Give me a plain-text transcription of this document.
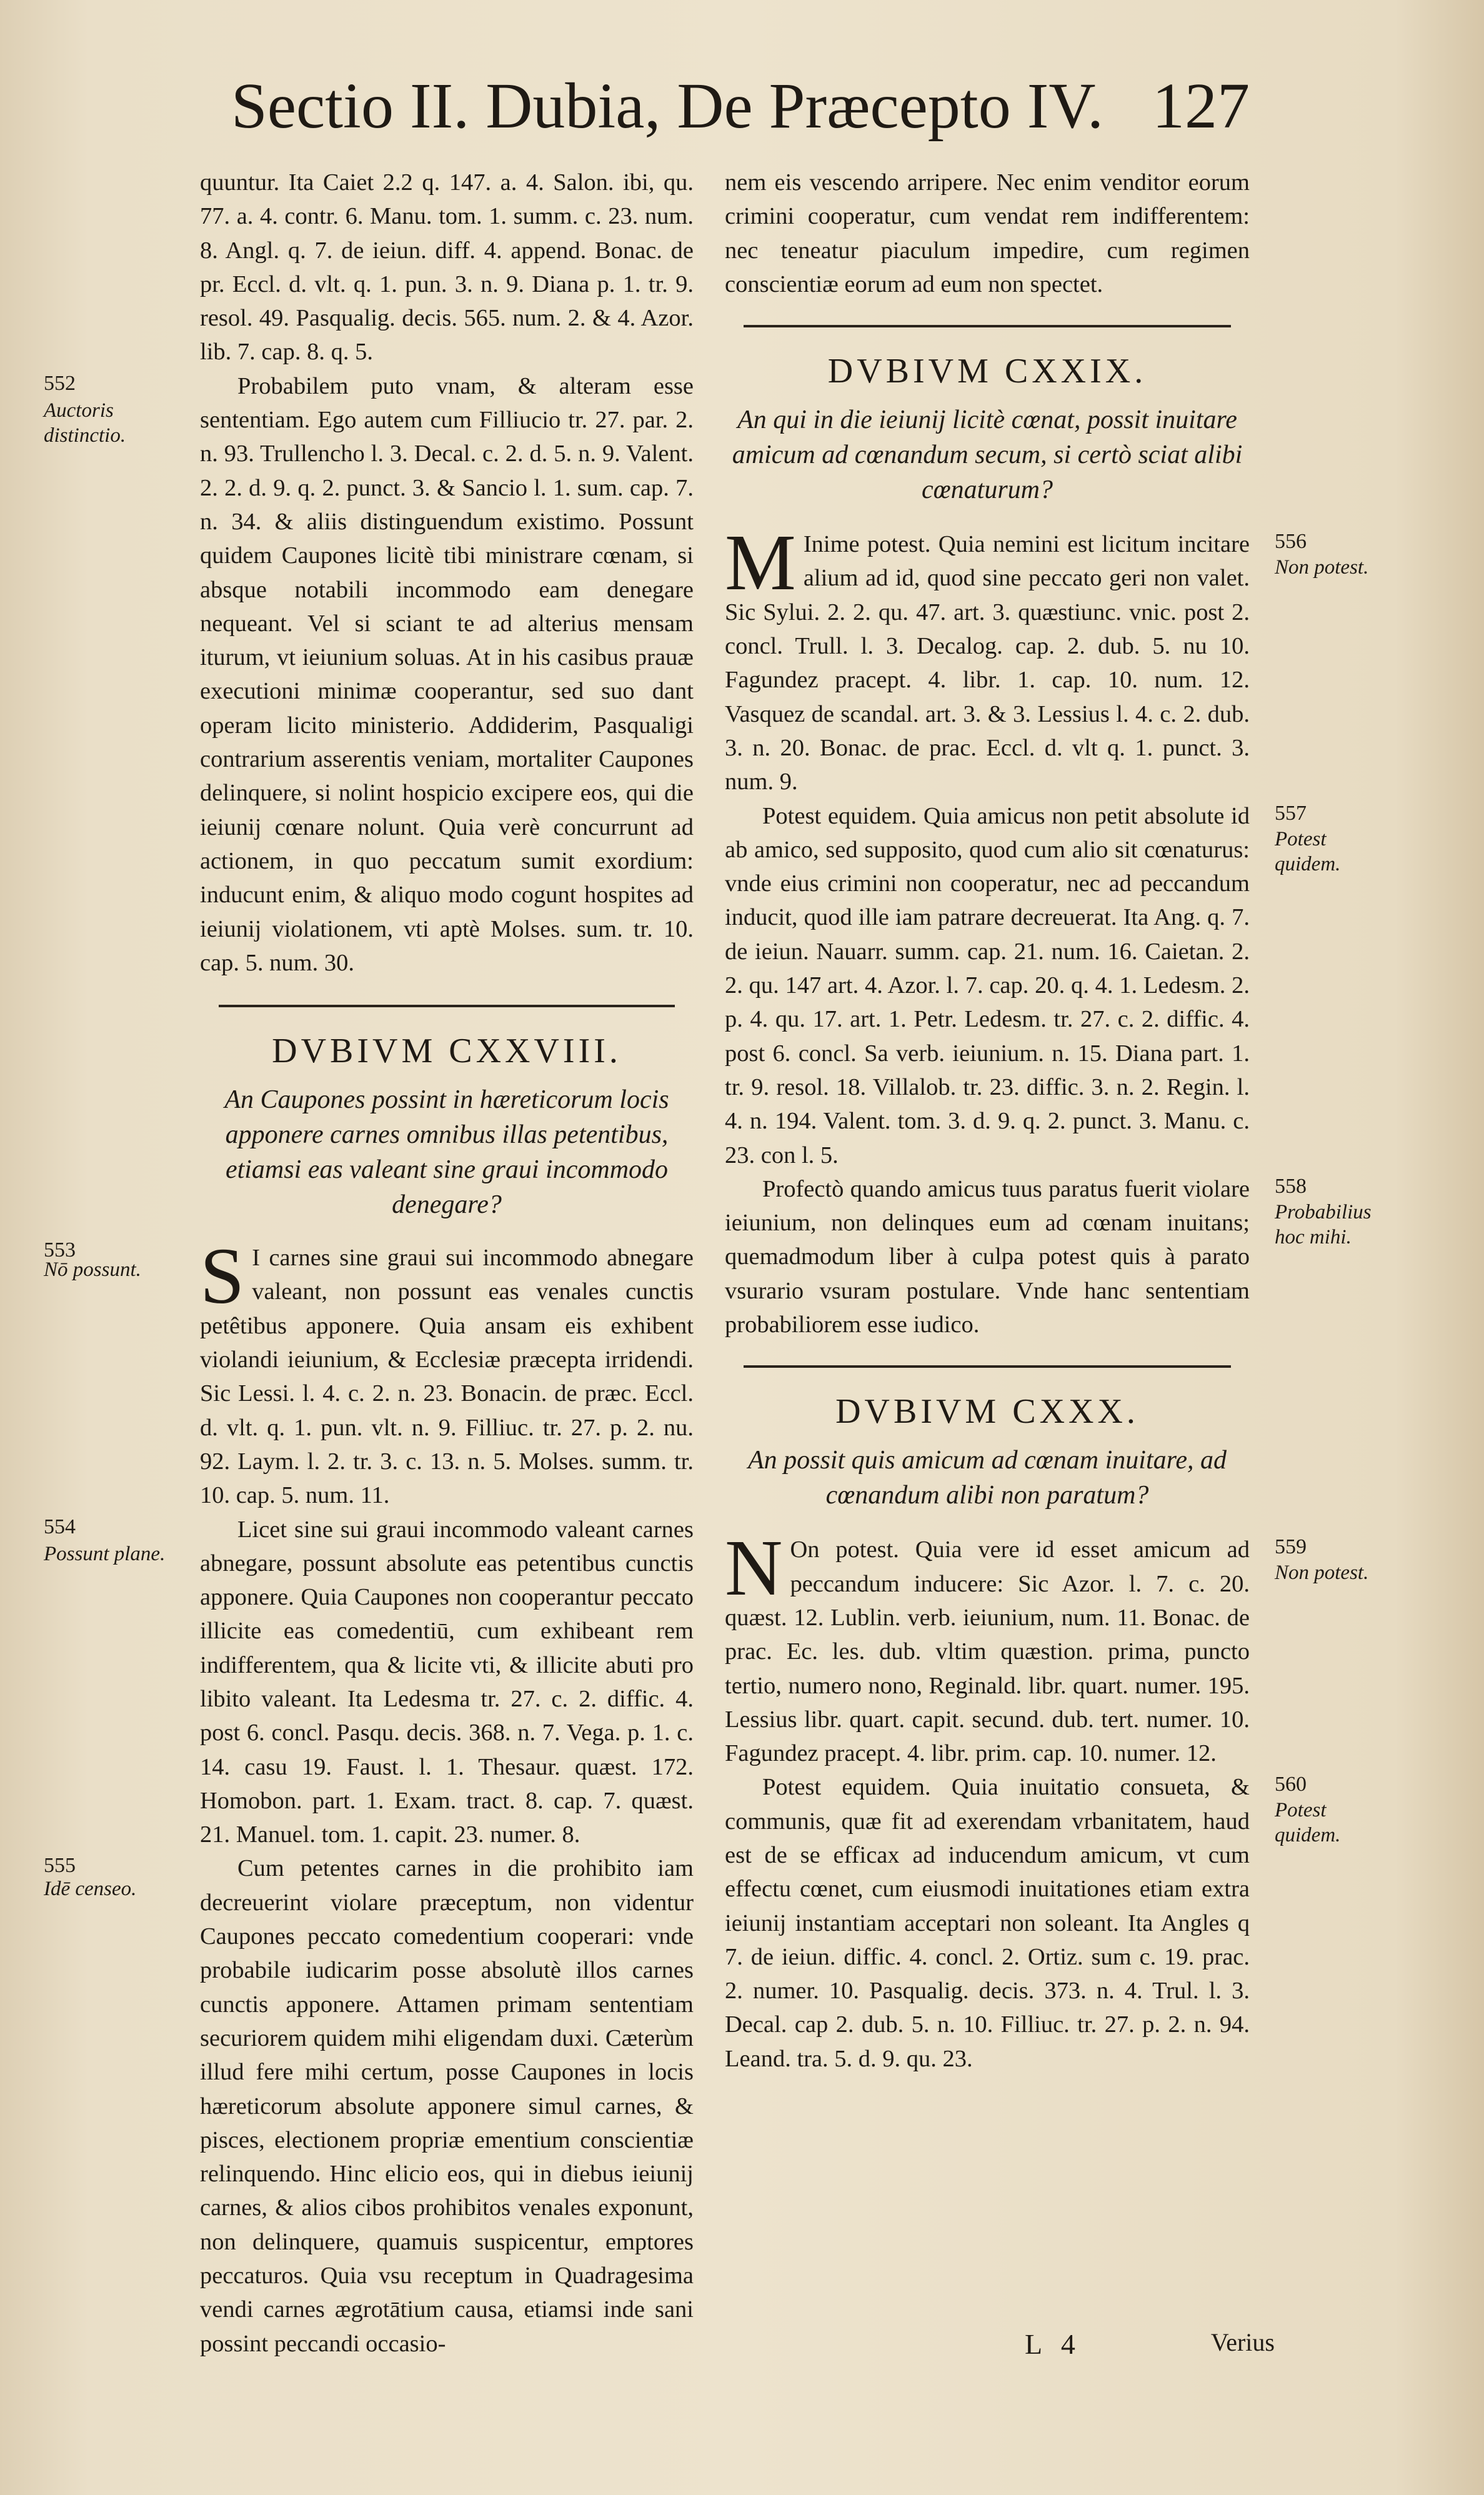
Sectio II. Dubia, De Præcepto IV. 127

quuntur. Ita Caiet 2.2 q. 147. a. 4. Salon. ibi, qu. 77. a. 4. contr. 6. Manu. tom. 1. summ. c. 23. num. 8. Angl. q. 7. de ieiun. diff. 4. append. Bonac. de pr. Eccl. d. vlt. q. 1. pun. 3. n. 9. Diana p. 1. tr. 9. resol. 49. Pasqualig. decis. 565. num. 2. & 4. Azor. lib. 7. cap. 8. q. 5.

552
Auctoris distinctio.

Probabilem puto vnam, & alteram esse sententiam. Ego autem cum Filliucio tr. 27. par. 2. n. 93. Trullencho l. 3. Decal. c. 2. d. 5. n. 9. Valent. 2. 2. d. 9. q. 2. punct. 3. & Sancio l. 1. sum. cap. 7. n. 34. & aliis distinguendum existimo. Possunt quidem Caupones licitè tibi ministrare cœnam, si absque notabili incommodo eam denegare nequeant. Vel si sciant te ad alterius mensam iturum, vt ieiunium soluas. At in his casibus prauæ executioni minimæ cooperantur, sed suo dant operam licito ministerio. Addiderim, Pasqualigi contrarium asserentis veniam, mortaliter Caupones delinquere, si nolint hospicio excipere eos, qui die ieiunij cœnare nolunt. Quia verè concurrunt ad actionem, in quo peccatum sumit exordium: inducunt enim, & aliquo modo cogunt hospites ad ieiunij violationem, vti aptè Molses. sum. tr. 10. cap. 5. num. 30.

DVBIVM CXXVIII.

An Caupones possint in hæreticorum locis apponere carnes omnibus illas petentibus, etiamsi eas valeant sine graui incommodo denegare?

553
Nō possunt. S I carnes sine graui sui incommodo abnegare valeant, non possunt eas venales cunctis petêtibus apponere. Quia ansam eis exhibent violandi ieiunium, & Ecclesiæ præcepta irridendi. Sic Lessi. l. 4. c. 2. n. 23. Bonacin. de præc. Eccl. d. vlt. q. 1. pun. vlt. n. 9. Filliuc. tr. 27. p. 2. nu. 92. Laym. l. 2. tr. 3. c. 13. n. 5. Molses. summ. tr. 10. cap. 5. num. 11.

554
Possunt plane.

Licet sine sui graui incommodo valeant carnes abnegare, possunt absolute eas petentibus cunctis apponere. Quia Caupones non cooperantur peccato illicite eas comedentiū, cum exhibeant rem indifferentem, qua & licite vti, & illicite abuti pro libito valeant. Ita Ledesma tr. 27. c. 2. diffic. 4. post 6. concl. Pasqu. decis. 368. n. 7. Vega. p. 1. c. 14. casu 19. Faust. l. 1. Thesaur. quæst. 172. Homobon. part. 1. Exam. tract. 8. cap. 7. quæst. 21. Manuel. tom. 1. capit. 23. numer. 8.

555
Idē censeo.

Cum petentes carnes in die prohibito iam decreuerint violare præceptum, non videntur Caupones peccato comedentium cooperari: vnde probabile iudicarim posse absolutè illos carnes cunctis apponere. Attamen primam sententiam securiorem quidem mihi eligendam duxi. Cæterùm illud fere mihi certum, posse Caupones in locis hæreticorum absolute apponere simul carnes, & pisces, electionem propriæ ementium conscientiæ relinquendo. Hinc elicio eos, qui in diebus ieiunij carnes, & alios cibos prohibitos venales exponunt, non delinquere, quamuis suspicentur, emptores peccaturos. Quia vsu receptum in Quadragesima vendi carnes ægrotātium causa, etiamsi inde sani possint peccandi occasio-

nem eis vescendo arripere. Nec enim venditor eorum crimini cooperatur, cum vendat rem indifferentem: nec teneatur piaculum impedire, cum regimen conscientiæ eorum ad eum non spectet.

DVBIVM CXXIX.

An qui in die ieiunij licitè cœnat, possit inuitare amicum ad cœnandum secum, si certò sciat alibi cœnaturum?

556
Non potest.
M Inime potest. Quia nemini est licitum incitare alium ad id, quod sine peccato geri non valet. Sic Sylui. 2. 2. qu. 47. art. 3. quæstiunc. vnic. post 2. concl. Trull. l. 3. Decalog. cap. 2. dub. 5. nu 10. Fagundez pracept. 4. libr. 1. cap. 10. num. 12. Vasquez de scandal. art. 3. & 3. Lessius l. 4. c. 2. dub. 3. n. 20. Bonac. de prac. Eccl. d. vlt q. 1. punct. 3. num. 9.

557
Potest quidem.

Potest equidem. Quia amicus non petit absolute id ab amico, sed supposito, quod cum alio sit cœnaturus: vnde eius crimini non cooperatur, nec ad peccandum inducit, quod ille iam patrare decreuerat. Ita Ang. q. 7. de ieiun. Nauarr. summ. cap. 21. num. 16. Caietan. 2. 2. qu. 147 art. 4. Azor. l. 7. cap. 20. q. 4. 1. Ledesm. 2. p. 4. qu. 17. art. 1. Petr. Ledesm. tr. 27. c. 2. diffic. 4. post 6. concl. Sa verb. ieiunium. n. 15. Diana part. 1. tr. 9. resol. 18. Villalob. tr. 23. diffic. 3. n. 2. Regin. l. 4. n. 194. Valent. tom. 3. d. 9. q. 2. punct. 3. Manu. c. 23. con l. 5.

558
Probabilius hoc mihi.

Profectò quando amicus tuus paratus fuerit violare ieiunium, non delinques eum ad cœnam inuitans; quemadmodum liber à culpa potest quis à parato vsurario vsuram postulare. Vnde hanc sententiam probabiliorem esse iudico.

DVBIVM CXXX.

An possit quis amicum ad cœnam inuitare, ad cœnandum alibi non paratum?

559
Non potest.
N On potest. Quia vere id esset amicum ad peccandum inducere: Sic Azor. l. 7. c. 20. quæst. 12. Lublin. verb. ieiunium, num. 11. Bonac. de prac. Ec. les. dub. vltim quæstion. prima, puncto tertio, numero nono, Reginald. libr. quart. numer. 195. Lessius libr. quart. capit. secund. dub. tert. numer. 10. Fagundez pracept. 4. libr. prim. cap. 10. numer. 12.

560
Potest quidem.

Potest equidem. Quia inuitatio consueta, & communis, quæ fit ad exerendam vrbanitatem, haud est de se efficax ad inducendum amicum, vt cum effectu cœnet, cum eiusmodi inuitationes etiam extra ieiunij instantiam acceptari non soleant. Ita Angles q 7. de ieiun. diffic. 4. concl. 2. Ortiz. sum c. 19. prac. 2. numer. 10. Pasqualig. decis. 373. n. 4. Trul. l. 3. Decal. cap 2. dub. 5. n. 10. Filliuc. tr. 27. p. 2. n. 94. Leand. tra. 5. d. 9. qu. 23.

L 4	Verius
